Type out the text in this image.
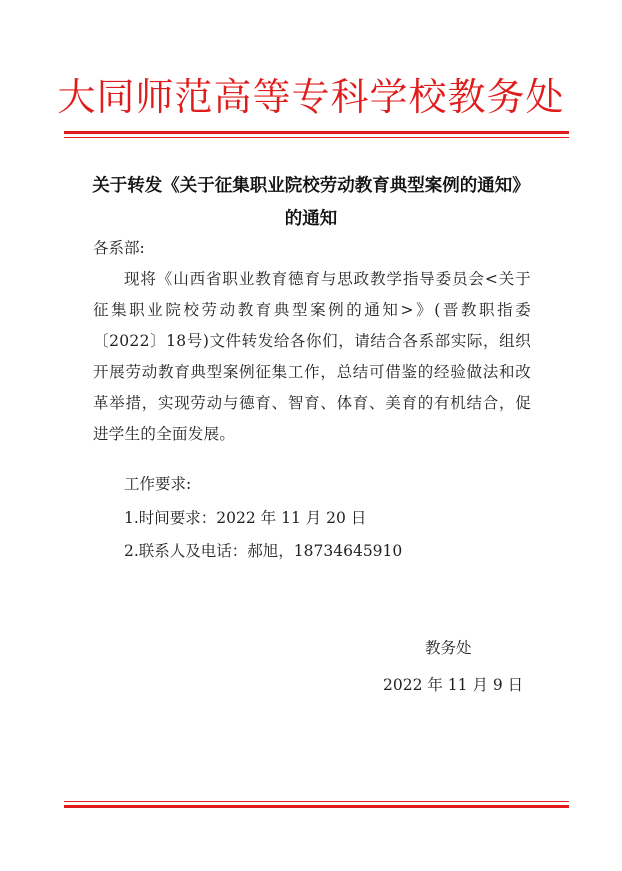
大同师范高等专科学校教务处
关于转发《关于征集职业院校劳动教育典型案例的通知》的通知
各系部:
现将《山西省职业教育德育与思政教学指导委员会<关于征集职业院校劳动教育典型案例的通知>》(晋教职指委〔2022〕18号)文件转发给各你们，请结合各系部实际，组织开展劳动教育典型案例征集工作，总结可借鉴的经验做法和改革举措，实现劳动与德育、智育、体育、美育的有机结合，促进学生的全面发展。
工作要求:
1.时间要求：2022 年 11 月 20 日
2.联系人及电话：郝旭，18734645910
教务处
2022 年 11 月 9 日
